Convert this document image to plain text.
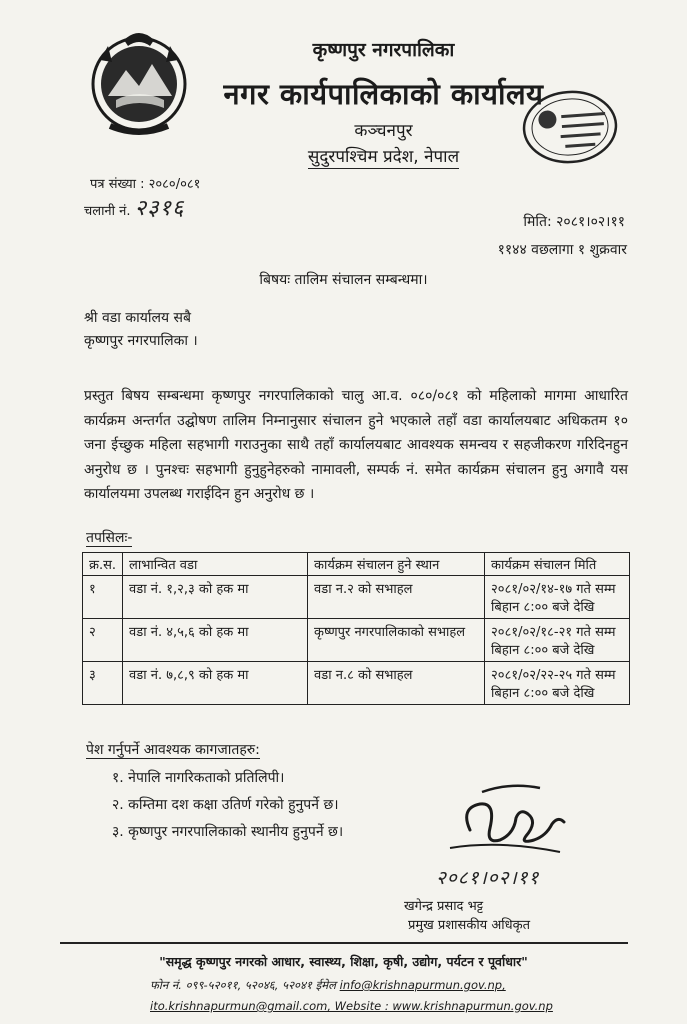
कृष्णपुर नगरपालिका
नगर कार्यपालिकाको कार्यालय
कञ्चनपुर
सुदुरपश्चिम प्रदेश, नेपाल
पत्र संख्या : २०८०/०८१
चलानी नं. २३१६
मिति: २०८१।०२।११
११४४ वछलागा १ शुक्रवार
बिषयः तालिम संचालन सम्बन्धमा।
श्री वडा कार्यालय सबै
कृष्णपुर नगरपालिका ।
प्रस्तुत बिषय सम्बन्धमा कृष्णपुर नगरपालिकाको चालु आ.व. ०८०/०८१ को महिलाको मागमा आधारित कार्यक्रम अन्तर्गत उद्घोषण तालिम निम्नानुसार संचालन हुने भएकाले तहाँ वडा कार्यालयबाट अधिकतम १० जना ईच्छुक महिला सहभागी गराउनुका साथै तहाँ कार्यालयबाट आवश्यक समन्वय र सहजीकरण गरिदिनहुन अनुरोध छ । पुनश्चः सहभागी हुनुहुनेहरुको नामावली, सम्पर्क नं. समेत कार्यक्रम संचालन हुनु अगावै यस कार्यालयमा उपलब्ध गराईदिन हुन अनुरोध छ ।
तपसिलः-
क्र.स.	लाभान्वित वडा	कार्यक्रम संचालन हुने स्थान	कार्यक्रम संचालन मिति
१	वडा नं. १,२,३ को हक मा	वडा न.२ को सभाहल	२०८१/०२/१४-१७ गते सम्म
बिहान ८:०० बजे देखि

२	वडा नं. ४,५,६ को हक मा	कृष्णपुर नगरपालिकाको सभाहल	२०८१/०२/१८-२१ गते सम्म
बिहान ८:०० बजे देखि

३	वडा नं. ७,८,९ को हक मा	वडा न.८ को सभाहल	२०८१/०२/२२-२५ गते सम्म
बिहान ८:०० बजे देखि
पेश गर्नुपर्ने आवश्यक कागजातहरु:
१. नेपालि नागरिकताको प्रतिलिपी।
२. कम्तिमा दश कक्षा उतिर्ण गरेको हुनुपर्ने छ।
३. कृष्णपुर नगरपालिकाको स्थानीय हुनुपर्ने छ।
२०८१।०२।११
खगेन्द्र प्रसाद भट्ट
प्रमुख प्रशासकीय अधिकृत
"समृद्ध कृष्णपुर नगरको आधार, स्वास्थ्य, शिक्षा, कृषी, उद्योग, पर्यटन र पूर्वाधार"
फोन नं. ०९९-५२०११, ५२०४६, ५२०४१ ईमेल info@krishnapurmun.gov.np,
ito.krishnapurmun@gmail.com, Website : www.krishnapurmun.gov.np
